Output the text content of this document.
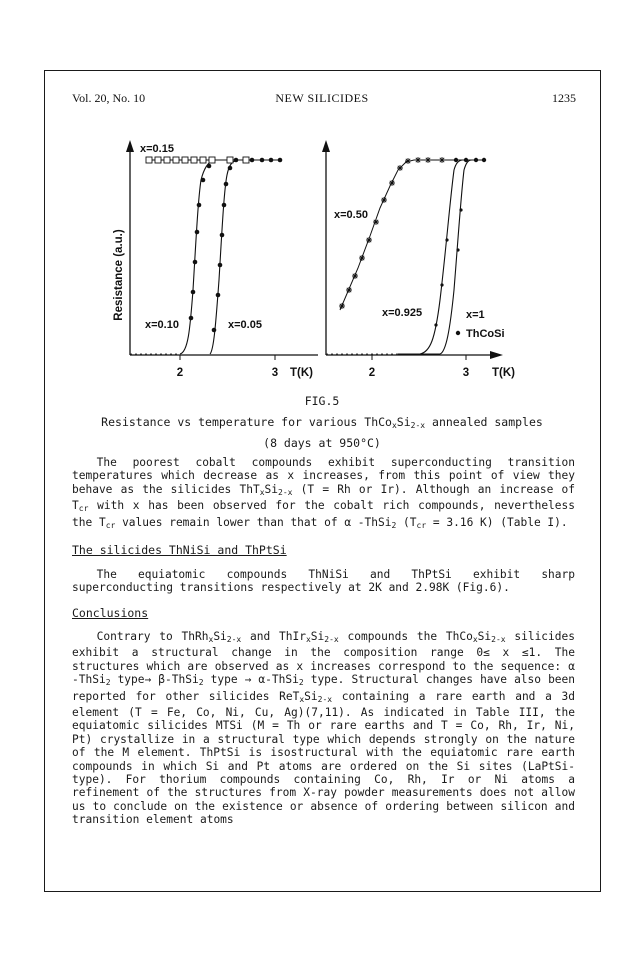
Vol. 20, No. 10	NEW SILICIDES	1235
Resistance (a.u.)
x=0.15
x=0.10	x=0.05
2	3 T(K)
x=0.50
x=0.925	x=1
ThCoSi
2	3 T(K)
FIG.5
Resistance vs temperature for various $ThCo_xSi_{2-x}$ annealed samples
(8 days at 950°C)

The poorest cobalt compounds exhibit superconducting transition temperatures which decrease as x increases, from this point of view they behave as the silicides $ThT_xSi_{2-x}$ (T = Rh or Ir). Although an increase of $T_{cr}$ with x has been observed for the cobalt rich compounds, nevertheless the $T_{cr}$ values remain lower than that of α -ThSi$_2$ ($T_{cr} = 3.16$ K) (Table I).

The silicides ThNiSi and ThPtSi

The equiatomic compounds ThNiSi and ThPtSi exhibit sharp superconducting transitions respectively at 2K and 2.98K (Fig.6).

Conclusions

Contrary to $ThRh_xSi_{2-x}$ and $ThIr_xSi_{2-x}$ compounds the $ThCo_xSi_{2-x}$ silicides exhibit a structural change in the composition range 0≤ x ≤1. The structures which are observed as x increases correspond to the sequence: α -ThSi$_2$ type→ β-ThSi$_2$ type → α-ThSi$_2$ type. Structural changes have also been reported for other silicides $ReT_xSi_{2-x}$ containing a rare earth and a 3d element (T = Fe, Co, Ni, Cu, Ag)(7,11). As indicated in Table III, the equiatomic silicides MTSi (M = Th or rare earths and T = Co, Rh, Ir, Ni, Pt) crystallize in a structural type which depends strongly on the nature of the M element. ThPtSi is isostructural with the equiatomic rare earth compounds in which Si and Pt atoms are ordered on the Si sites (LaPtSi-type). For thorium compounds containing Co, Rh, Ir or Ni atoms a refinement of the structures from X-ray powder measurements does not allow us to conclude on the existence or absence of ordering between silicon and transition element atoms
